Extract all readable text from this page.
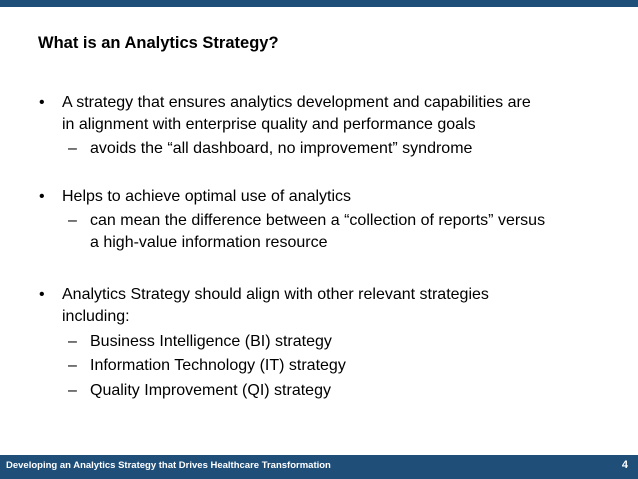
What is an Analytics Strategy?
• A strategy that ensures analytics development and capabilities are
in alignment with enterprise quality and performance goals
– avoids the “all dashboard, no improvement” syndrome
• Helps to achieve optimal use of analytics
– can mean the difference between a “collection of reports” versus
a high-value information resource
• Analytics Strategy should align with other relevant strategies
including:
– Business Intelligence (BI) strategy
– Information Technology (IT) strategy
– Quality Improvement (QI) strategy
Developing an Analytics Strategy that Drives Healthcare Transformation	4
